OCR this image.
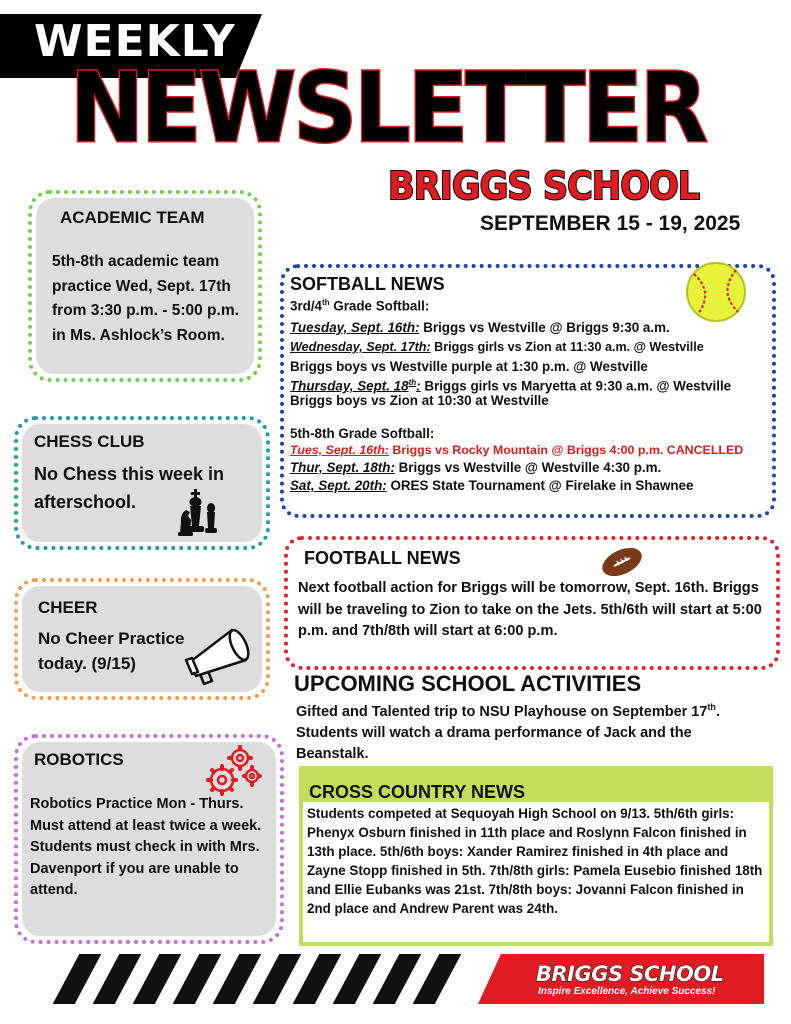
WEEKLY
NEWSLETTER
BRIGGS SCHOOL
SEPTEMBER 15 - 19, 2025
ACADEMIC TEAM
5th-8th academic team practice Wed, Sept. 17th from 3:30 p.m. - 5:00 p.m. in Ms. Ashlock’s Room.
CHESS CLUB
No Chess this week in afterschool.
CHEER
No Cheer Practice today. (9/15)
ROBOTICS
Robotics Practice Mon - Thurs. Must attend at least twice a week. Students must check in with Mrs. Davenport if you are unable to attend.
SOFTBALL NEWS
3rd/4th Grade Softball:
Tuesday, Sept. 16th: Briggs vs Westville @ Briggs 9:30 a.m.
Wednesday, Sept. 17th: Briggs girls vs Zion at 11:30 a.m. @ Westville
Briggs boys vs Westville purple at 1:30 p.m. @ Westville
Thursday, Sept. 18th: Briggs girls vs Maryetta at 9:30 a.m. @ Westville
Briggs boys vs Zion at 10:30 at Westville
5th-8th Grade Softball:
Tues, Sept. 16th: Briggs vs Rocky Mountain @ Briggs 4:00 p.m. CANCELLED
Thur, Sept. 18th: Briggs vs Westville @ Westville 4:30 p.m.
Sat, Sept. 20th: ORES State Tournament @ Firelake in Shawnee
FOOTBALL NEWS
Next football action for Briggs will be tomorrow, Sept. 16th. Briggs will be traveling to Zion to take on the Jets. 5th/6th will start at 5:00 p.m. and 7th/8th will start at 6:00 p.m.
UPCOMING SCHOOL ACTIVITIES
Gifted and Talented trip to NSU Playhouse on September 17th. Students will watch a drama performance of Jack and the Beanstalk.
CROSS COUNTRY NEWS
Students competed at Sequoyah High School on 9/13. 5th/6th girls: Phenyx Osburn finished in 11th place and Roslynn Falcon finished in 13th place. 5th/6th boys: Xander Ramirez finished in 4th place and Zayne Stopp finished in 5th. 7th/8th girls: Pamela Eusebio finished 18th and Ellie Eubanks was 21st. 7th/8th boys: Jovanni Falcon finished in 2nd place and Andrew Parent was 24th.
BRIGGS SCHOOL
Inspire Excellence, Achieve Success!
